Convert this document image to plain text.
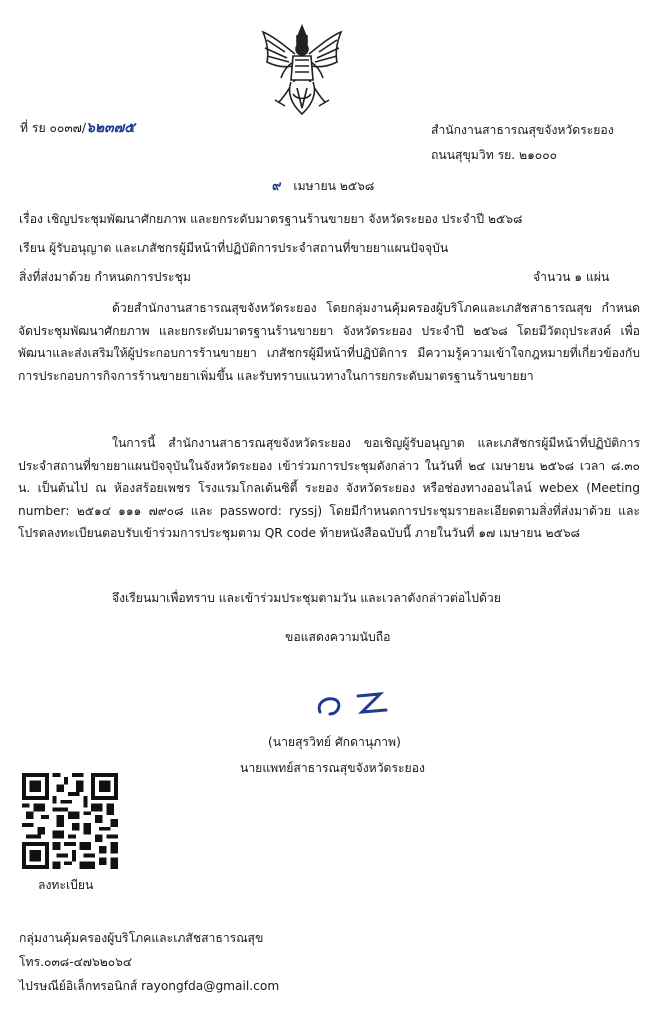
ที่ รย ๐๐๓๗/๖๒๓๗๕	สำนักงานสาธารณสุขจังหวัดระยอง
ถนนสุขุมวิท รย. ๒๑๐๐๐
๙ เมษายน ๒๕๖๘
เรื่อง เชิญประชุมพัฒนาศักยภาพ และยกระดับมาตรฐานร้านขายยา จังหวัดระยอง ประจำปี ๒๕๖๘
เรียน ผู้รับอนุญาต และเภสัชกรผู้มีหน้าที่ปฏิบัติการประจำสถานที่ขายยาแผนปัจจุบัน
สิ่งที่ส่งมาด้วย กำหนดการประชุม	จำนวน ๑ แผ่น
ด้วยสำนักงานสาธารณสุขจังหวัดระยอง โดยกลุ่มงานคุ้มครองผู้บริโภคและเภสัชสาธารณสุข กำหนดจัดประชุมพัฒนาศักยภาพ และยกระดับมาตรฐานร้านขายยา จังหวัดระยอง ประจำปี ๒๕๖๘ โดยมีวัตถุประสงค์ เพื่อพัฒนาและส่งเสริมให้ผู้ประกอบการร้านขายยา เภสัชกรผู้มีหน้าที่ปฏิบัติการ มีความรู้ความเข้าใจกฎหมายที่เกี่ยวข้องกับการประกอบการกิจการร้านขายยาเพิ่มขึ้น และรับทราบแนวทางในการยกระดับมาตรฐานร้านขายยา
ในการนี้ สำนักงานสาธารณสุขจังหวัดระยอง ขอเชิญผู้รับอนุญาต และเภสัชกรผู้มีหน้าที่ปฏิบัติการประจำสถานที่ขายยาแผนปัจจุบันในจังหวัดระยอง เข้าร่วมการประชุมดังกล่าว ในวันที่ ๒๔ เมษายน ๒๕๖๘ เวลา ๘.๓๐ น. เป็นต้นไป ณ ห้องสร้อยเพชร โรงแรมโกลเด้นซิตี้ ระยอง จังหวัดระยอง หรือช่องทางออนไลน์ webex (Meeting number: ๒๕๑๔ ๑๑๑ ๗๙๐๘ และ password: ryssj) โดยมีกำหนดการประชุมรายละเอียดตามสิ่งที่ส่งมาด้วย และโปรดลงทะเบียนตอบรับเข้าร่วมการประชุมตาม QR code ท้ายหนังสือฉบับนี้ ภายในวันที่ ๑๗ เมษายน ๒๕๖๘
จึงเรียนมาเพื่อทราบ และเข้าร่วมประชุมตามวัน และเวลาดังกล่าวต่อไปด้วย
ขอแสดงความนับถือ
(นายสุรวิทย์ ศักดานุภาพ)
นายแพทย์สาธารณสุขจังหวัดระยอง
ลงทะเบียน
กลุ่มงานคุ้มครองผู้บริโภคและเภสัชสาธารณสุข
โทร.๐๓๘-๔๗๖๒๐๖๔
ไปรษณีย์อิเล็กทรอนิกส์ rayongfda@gmail.com
